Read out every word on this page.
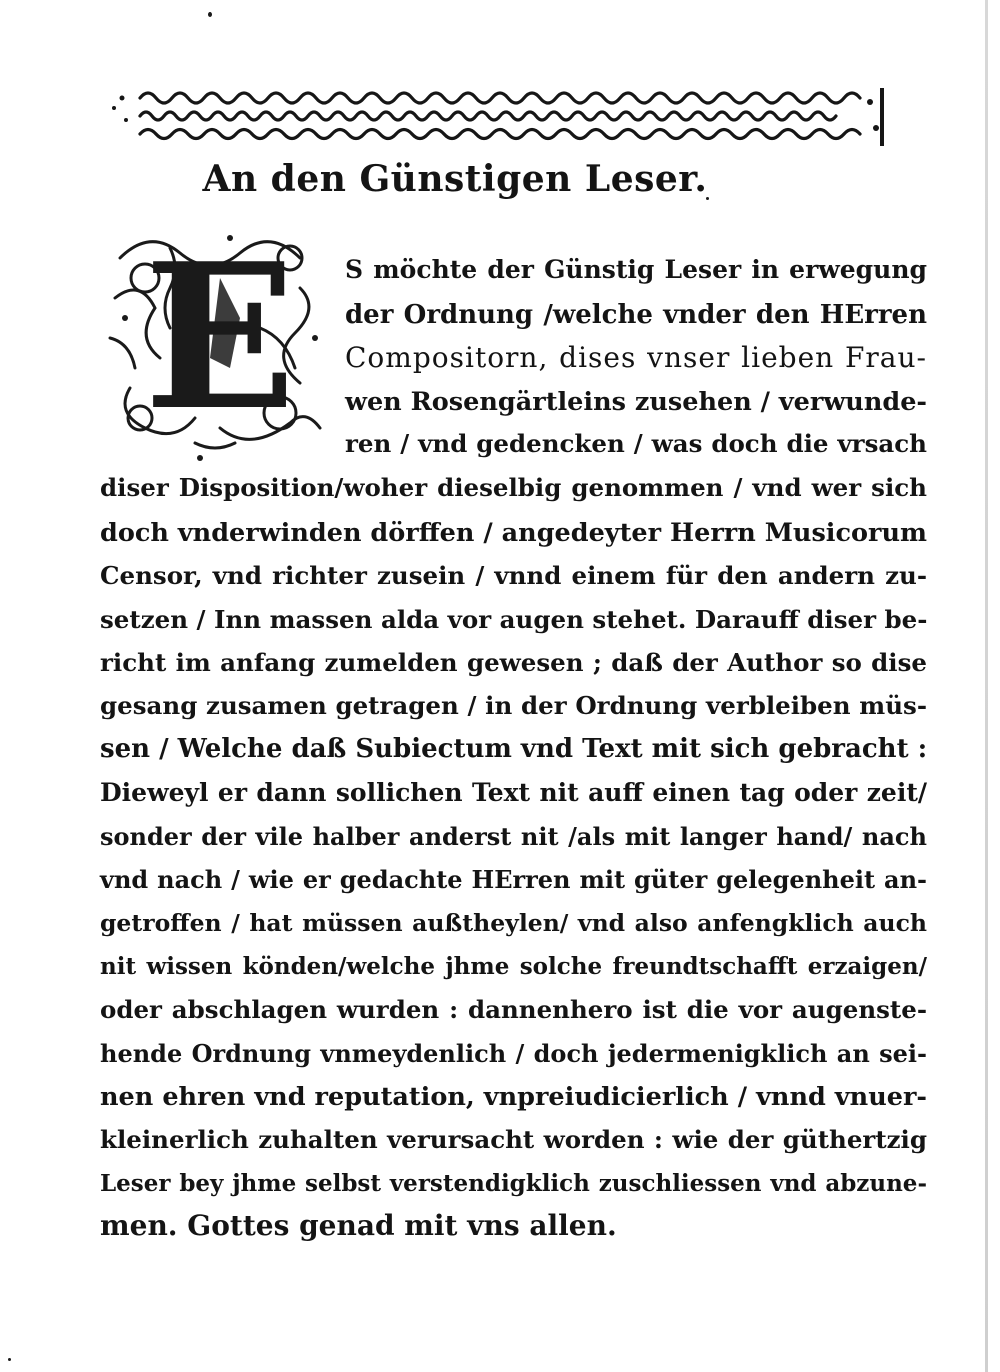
An den Günstigen Leser.
E S möchte der Günstig Leser in erwegung
der Ordnung /welche vnder den HErren
Compositorn, dises vnser lieben Frau-
wen Rosengärtleins zusehen / verwunde-
ren / vnd gedencken / was doch die vrsach
diser Disposition/woher dieselbig genommen / vnd wer sich
doch vnderwinden dörffen / angedeyter Herrn Musicorum
Censor, vnd richter zusein / vnnd einem für den andern zu-
setzen / Inn massen alda vor augen stehet. Darauff diser be-
richt im anfang zumelden gewesen ; daß der Author so dise
gesang zusamen getragen / in der Ordnung verbleiben müs-
sen / Welche daß Subiectum vnd Text mit sich gebracht :
Dieweyl er dann sollichen Text nit auff einen tag oder zeit/
sonder der vile halber anderst nit /als mit langer hand/ nach
vnd nach / wie er gedachte HErren mit güter gelegenheit an-
getroffen / hat müssen außtheylen/ vnd also anfengklich auch
nit wissen könden/welche jhme solche freundtschafft erzaigen/
oder abschlagen wurden : dannenhero ist die vor augenste-
hende Ordnung vnmeydenlich / doch jedermenigklich an sei-
nen ehren vnd reputation, vnpreiudicierlich / vnnd vnuer-
kleinerlich zuhalten verursacht worden : wie der güthertzig
Leser bey jhme selbst verstendigklich zuschliessen vnd abzune-
men. Gottes genad mit vns allen.
